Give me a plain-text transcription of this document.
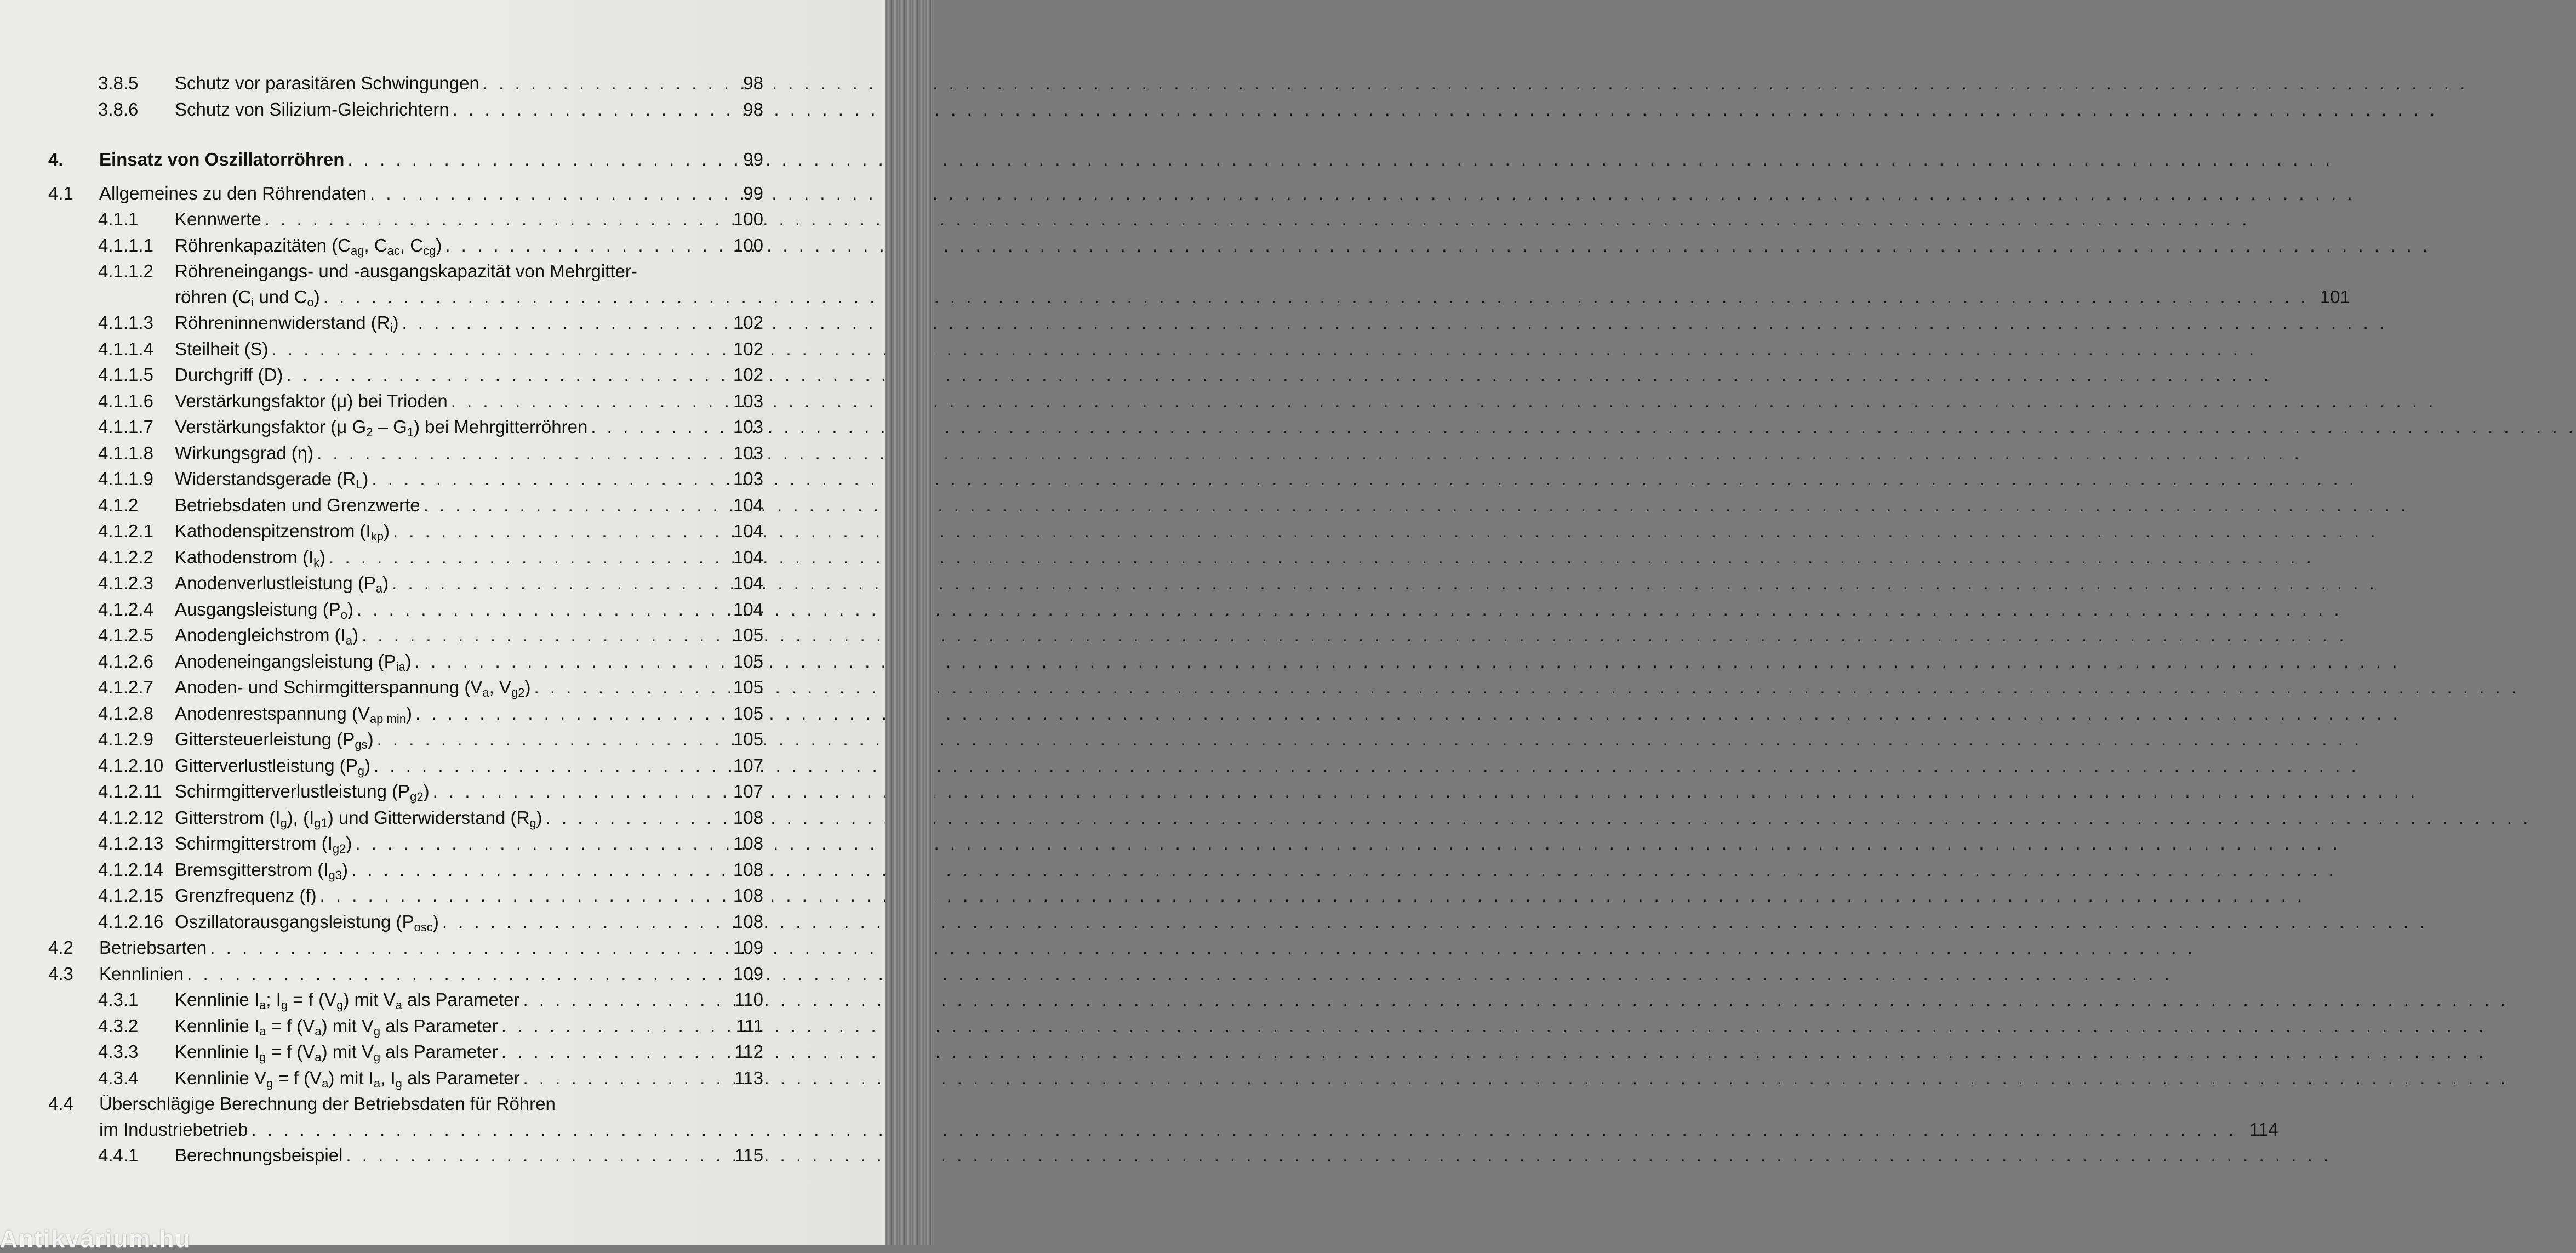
3.8.5	Schutz vor parasitären Schwingungen . . .	98
3.8.6	Schutz von Silizium-Gleichrichtern . . .	98
4.	Einsatz von Oszillatorröhren . . .	99
4.1	Allgemeines zu den Röhrendaten . . .	99
4.1.1	Kennwerte . . .	100
4.1.1.1	Röhrenkapazitäten ($C_{ag}$, $C_{ac}$, $C_{cg}$) . . .	100
4.1.1.2	Röhreneingangs- und -ausgangskapazität von Mehrgitter-
röhren ($C_i$ und $C_o$) . . .	101
4.1.1.3	Röhreninnenwiderstand $(R_i)$ . . .	102
4.1.1.4	Steilheit (S) . . .	102
4.1.1.5	Durchgriff (D) . . .	102
4.1.1.6	Verstärkungsfaktor (μ) bei Trioden . . .	103
4.1.1.7	Verstärkungsfaktor (μ $G_2 - G_1$) bei Mehrgitterröhren . . .	103
4.1.1.8	Wirkungsgrad (η) . . .	103
4.1.1.9	Widerstandsgerade $(R_L)$ . . .	103
4.1.2	Betriebsdaten und Grenzwerte . . .	104
4.1.2.1	Kathodenspitzenstrom $(I_{kp})$ . . .	104
4.1.2.2	Kathodenstrom $(I_k)$ . . .	104
4.1.2.3	Anodenverlustleistung $(P_a)$ . . .	104
4.1.2.4	Ausgangsleistung $(P_o)$ . . .	104
4.1.2.5	Anodengleichstrom $(I_a)$ . . .	105
4.1.2.6	Anodeneingangsleistung $(P_{ia})$ . . .	105
4.1.2.7	Anoden- und Schirmgitterspannung ($V_a$, $V_{g2}$) . . .	105
4.1.2.8	Anodenrestspannung $(V_{ap min})$ . . .	105
4.1.2.9	Gittersteuerleistung $(P_{gs})$ . . .	105
4.1.2.10 Gitterverlustleistung $(P_g)$ . . .	107
4.1.2.11 Schirmgitterverlustleistung $(P_{g2})$ . . .	107
4.1.2.12 Gitterstrom $(I_g)$, $(I_{g1})$ und Gitterwiderstand $(R_g)$ . . .	108
4.1.2.13 Schirmgitterstrom $(I_{g2})$ . . .	108
4.1.2.14 Bremsgitterstrom $(I_{g3})$ . . .	108
4.1.2.15 Grenzfrequenz (f) . . .	108
4.1.2.16 Oszillatorausgangsleistung $(P_{osc})$ . . .	108
4.2	Betriebsarten . . .	109
4.3	Kennlinien . . .	109
4.3.1	Kennlinie $I_a$; $I_g = f$ $(V_g)$ mit $V_a$ als Parameter . . .	110
4.3.2	Kennlinie $I_a = f$ $(V_a)$ mit $V_g$ als Parameter . . .	111
4.3.3	Kennlinie $I_g = f$ $(V_a)$ mit $V_g$ als Parameter . . .	112
4.3.4	Kennlinie $V_g = f$ $(V_a)$ mit $I_a$, $I_g$ als Parameter . . .	113
4.4	Überschlägige Berechnung der Betriebsdaten für Röhren
im Industriebetrieb . . .	114
4.4.1	Berechnungsbeispiel . . .	115
Antikvárium.hu
